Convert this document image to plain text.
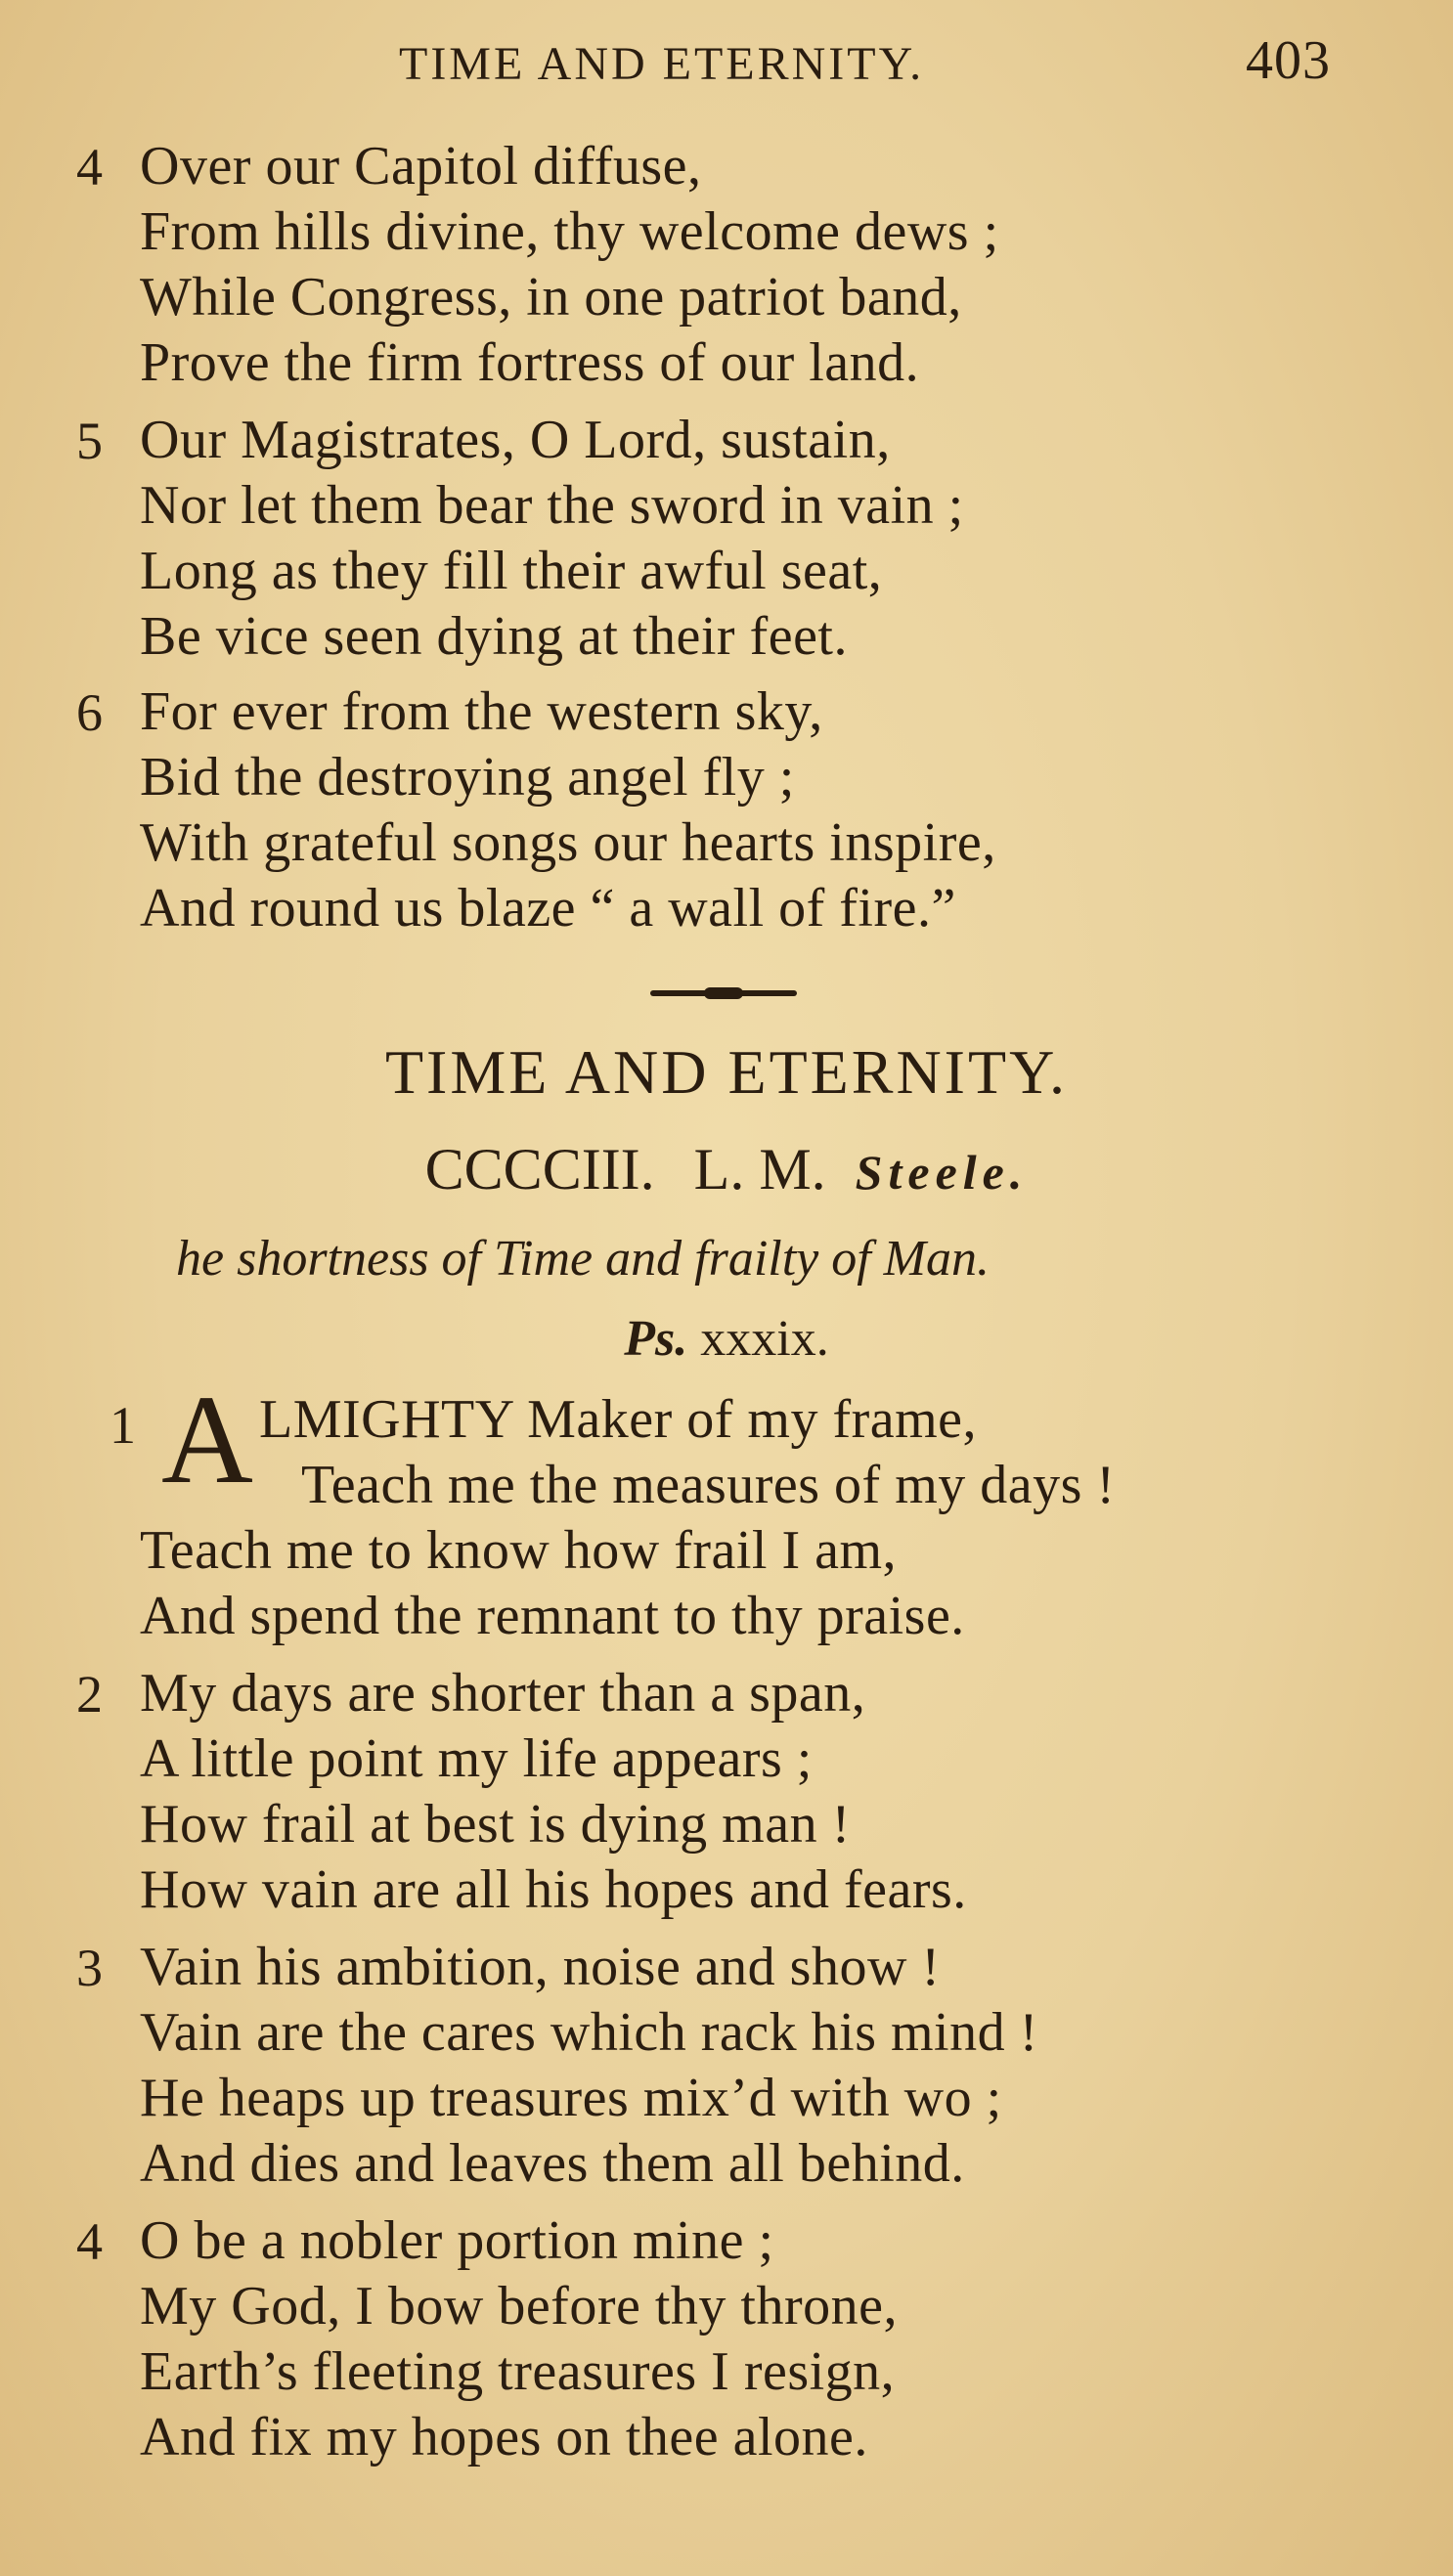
TIME AND ETERNITY.	403
4 Over our Capitol diffuse,
From hills divine, thy welcome dews ;
While Congress, in one patriot band,
Prove the firm fortress of our land.
5 Our Magistrates, O Lord, sustain,
Nor let them bear the sword in vain ;
Long as they fill their awful seat,
Be vice seen dying at their feet.
6 For ever from the western sky,
Bid the destroying angel fly ;
With grateful songs our hearts inspire,
And round us blaze “ a wall of fire.”
TIME AND ETERNITY.
CCCCIII. L. M. Steele.
he shortness of Time and frailty of Man.
Ps. xxxix.
1 A LMIGHTY Maker of my frame,
Teach me the measures of my days !
Teach me to know how frail I am,
And spend the remnant to thy praise.
2 My days are shorter than a span,
A little point my life appears ;
How frail at best is dying man !
How vain are all his hopes and fears.
3 Vain his ambition, noise and show !
Vain are the cares which rack his mind !
He heaps up treasures mix’d with wo ;
And dies and leaves them all behind.
4 O be a nobler portion mine ;
My God, I bow before thy throne,
Earth’s fleeting treasures I resign,
And fix my hopes on thee alone.
